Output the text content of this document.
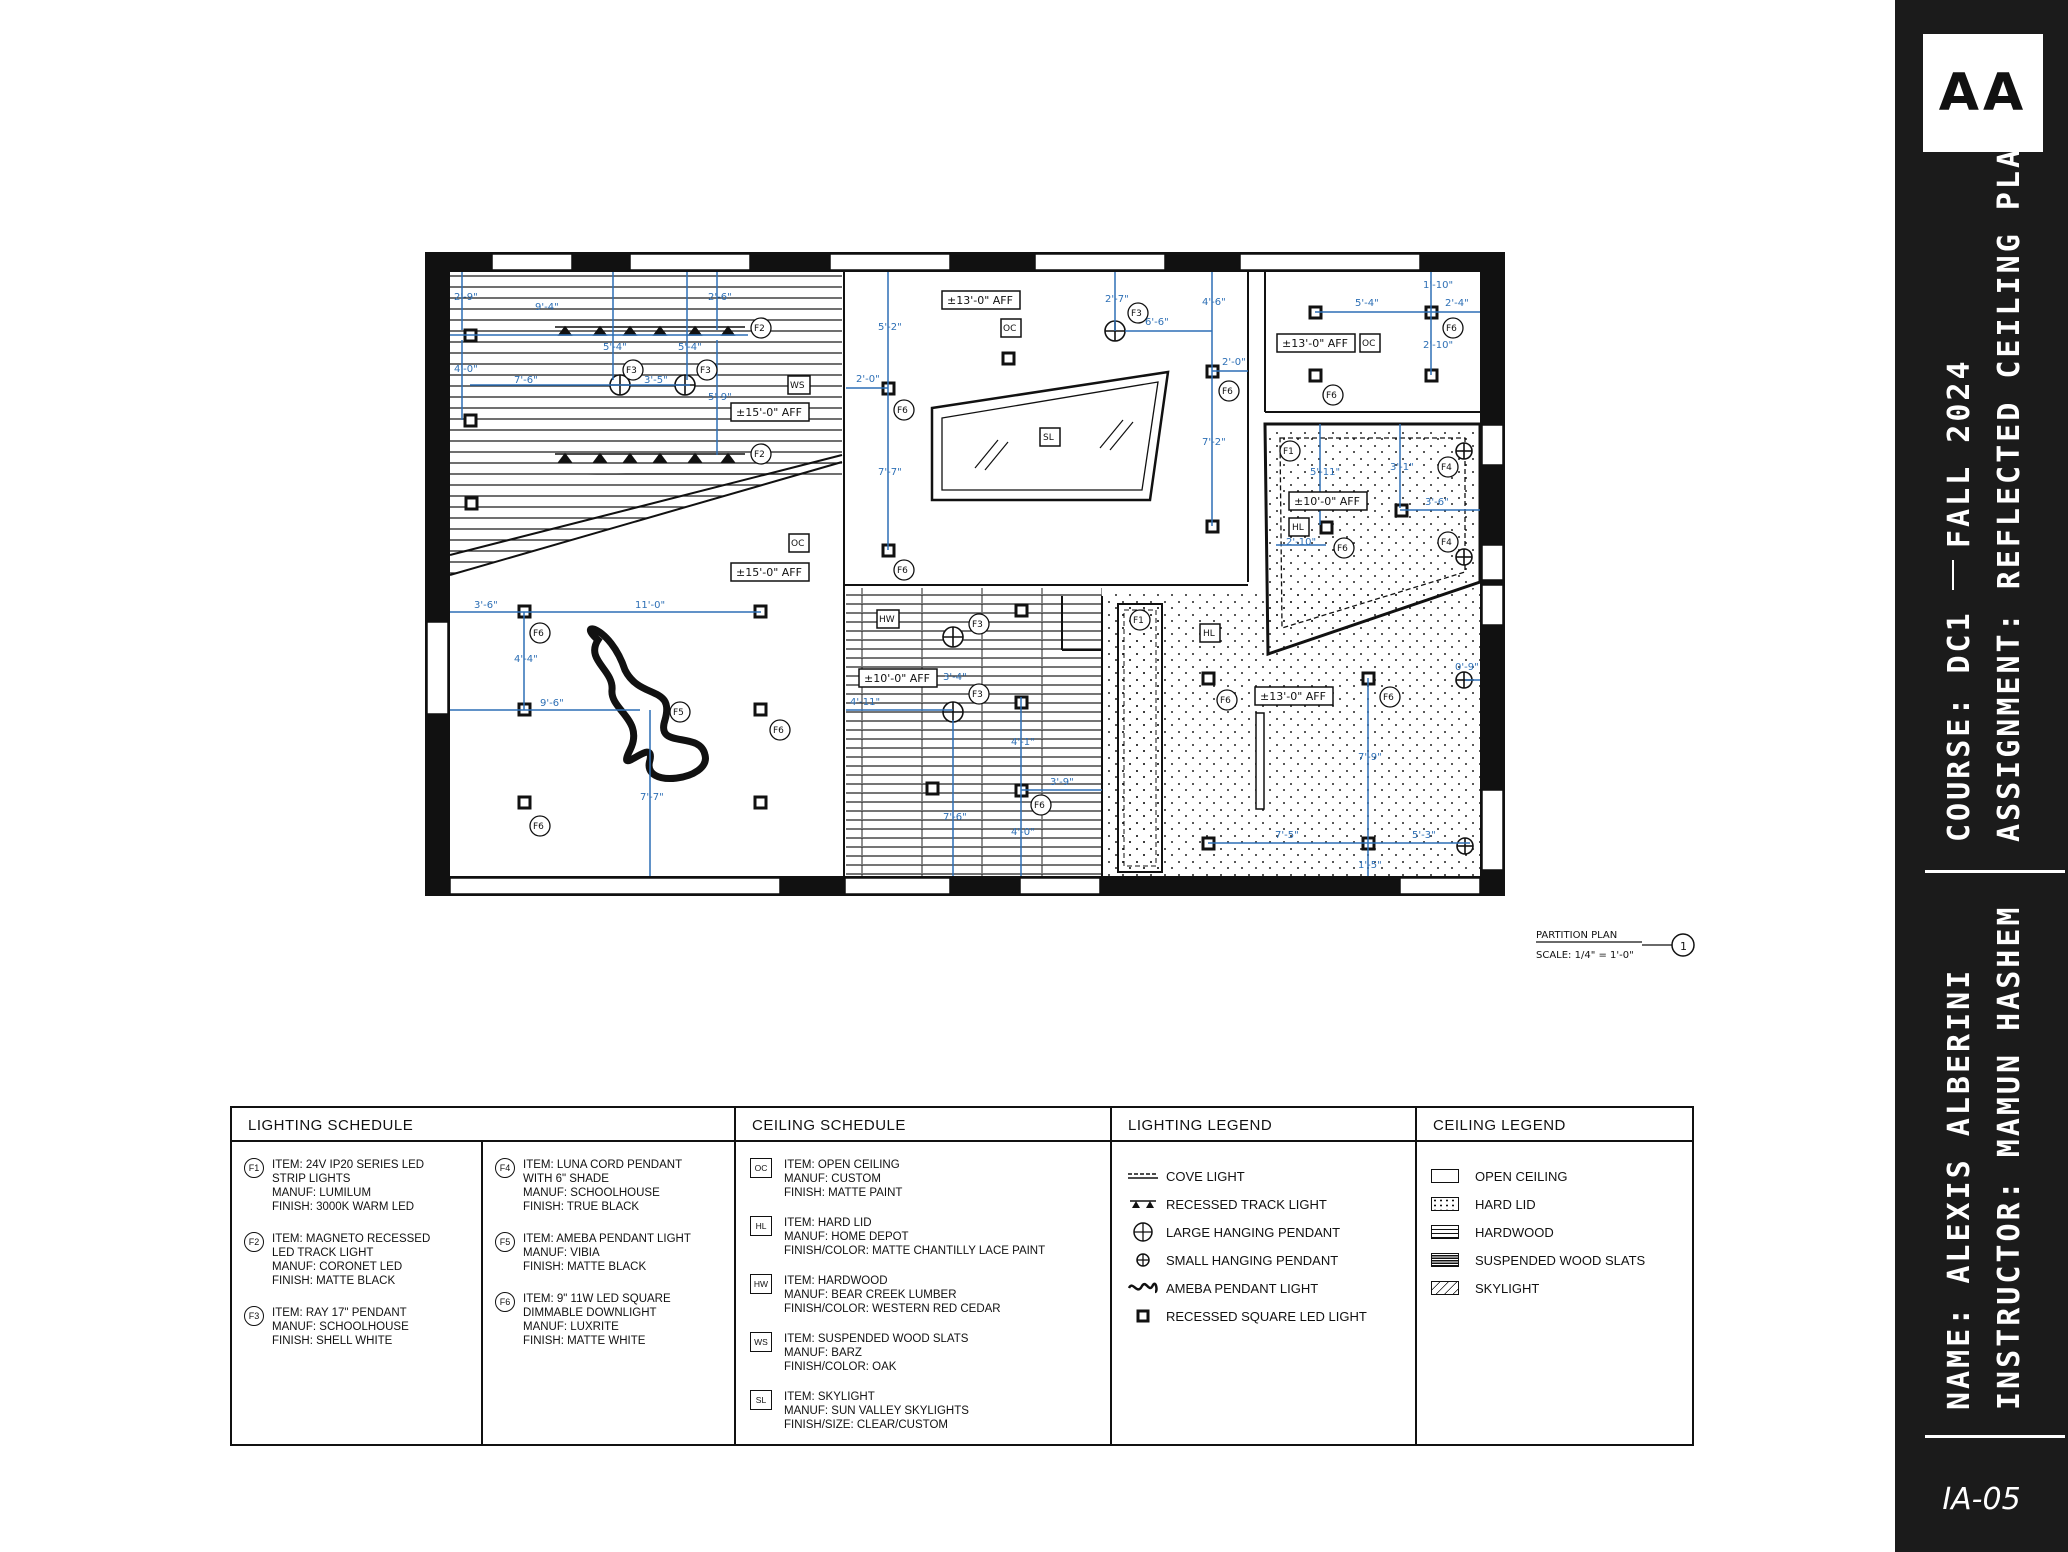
±13'-0" AFF
±15'-0" AFF
±15'-0" AFF
±13'-0" AFF
±10'-0" AFF
±10'-0" AFF
±13'-0" AFF
OC
WS
OC
SL
OC
HW
HL
HL
F2
F3	F3
F2
F6
F6
F3
F6
F6
F6
F1
F4
F4
F6
F6
F5
F6
F6
F3
F3
F6
F1
F6	F6
9'-4"
2'-9"
4'-0"
7'-6"	3'-5"
5'-4"	5'-4"
2'-6"
5'-9"
5'-2"
2'-0"
7'-7"
2'-7"
6'-6"
4'-6"
2'-0"
7'-2"
5'-4"	2'-4"
1'-10"
2'-10"
5'-11"	3'-1"
3'-6"
2'-10"
3'-6"	11'-0"
4'-4"
9'-6"
7'-7"
4'-11"
3'-4"
4'-1"
3'-9"
7'-6"
4'-0"
0'-9"
7'-9"
7'-5"	5'-3"
1'-5"
PARTITION PLAN
SCALE: 1/4" = 1'-0"
1
LIGHTING SCHEDULE
F1	ITEM: 24V IP20 SERIES LED
STRIP LIGHTS
MANUF: LUMILUM
FINISH: 3000K WARM LED
F2	ITEM: MAGNETO RECESSED
LED TRACK LIGHT
MANUF: CORONET LED
FINISH: MATTE BLACK
F3	ITEM: RAY 17" PENDANT
MANUF: SCHOOLHOUSE
FINISH: SHELL WHITE
F4	ITEM: LUNA CORD PENDANT
WITH 6" SHADE
MANUF: SCHOOLHOUSE
FINISH: TRUE BLACK
F5	ITEM: AMEBA PENDANT LIGHT
MANUF: VIBIA
FINISH: MATTE BLACK
F6	ITEM: 9" 11W LED SQUARE
DIMMABLE DOWNLIGHT
MANUF: LUXRITE
FINISH: MATTE WHITE
CEILING SCHEDULE
OC	ITEM: OPEN CEILING
MANUF: CUSTOM
FINISH: MATTE PAINT
HL	ITEM: HARD LID
MANUF: HOME DEPOT
FINISH/COLOR: MATTE CHANTILLY LACE PAINT
HW	ITEM: HARDWOOD
MANUF: BEAR CREEK LUMBER
FINISH/COLOR: WESTERN RED CEDAR
WS	ITEM: SUSPENDED WOOD SLATS
MANUF: BARZ
FINISH/COLOR: OAK
SL	ITEM: SKYLIGHT
MANUF: SUN VALLEY SKYLIGHTS
FINISH/SIZE: CLEAR/CUSTOM
LIGHTING LEGEND
COVE LIGHT
RECESSED TRACK LIGHT
LARGE HANGING PENDANT
SMALL HANGING PENDANT
AMEBA PENDANT LIGHT
RECESSED SQUARE LED LIGHT
CEILING LEGEND
OPEN CEILING
HARD LID
HARDWOOD
SUSPENDED WOOD SLATS
SKYLIGHT
AA
COURSE: DC1
FALL 2024 ASSIGNMENT: REFLECTED CEILING PLAN
NAME: ALEXIS ALBERINI INSTRUCTOR: MAMUN HASHEM
IA-05
